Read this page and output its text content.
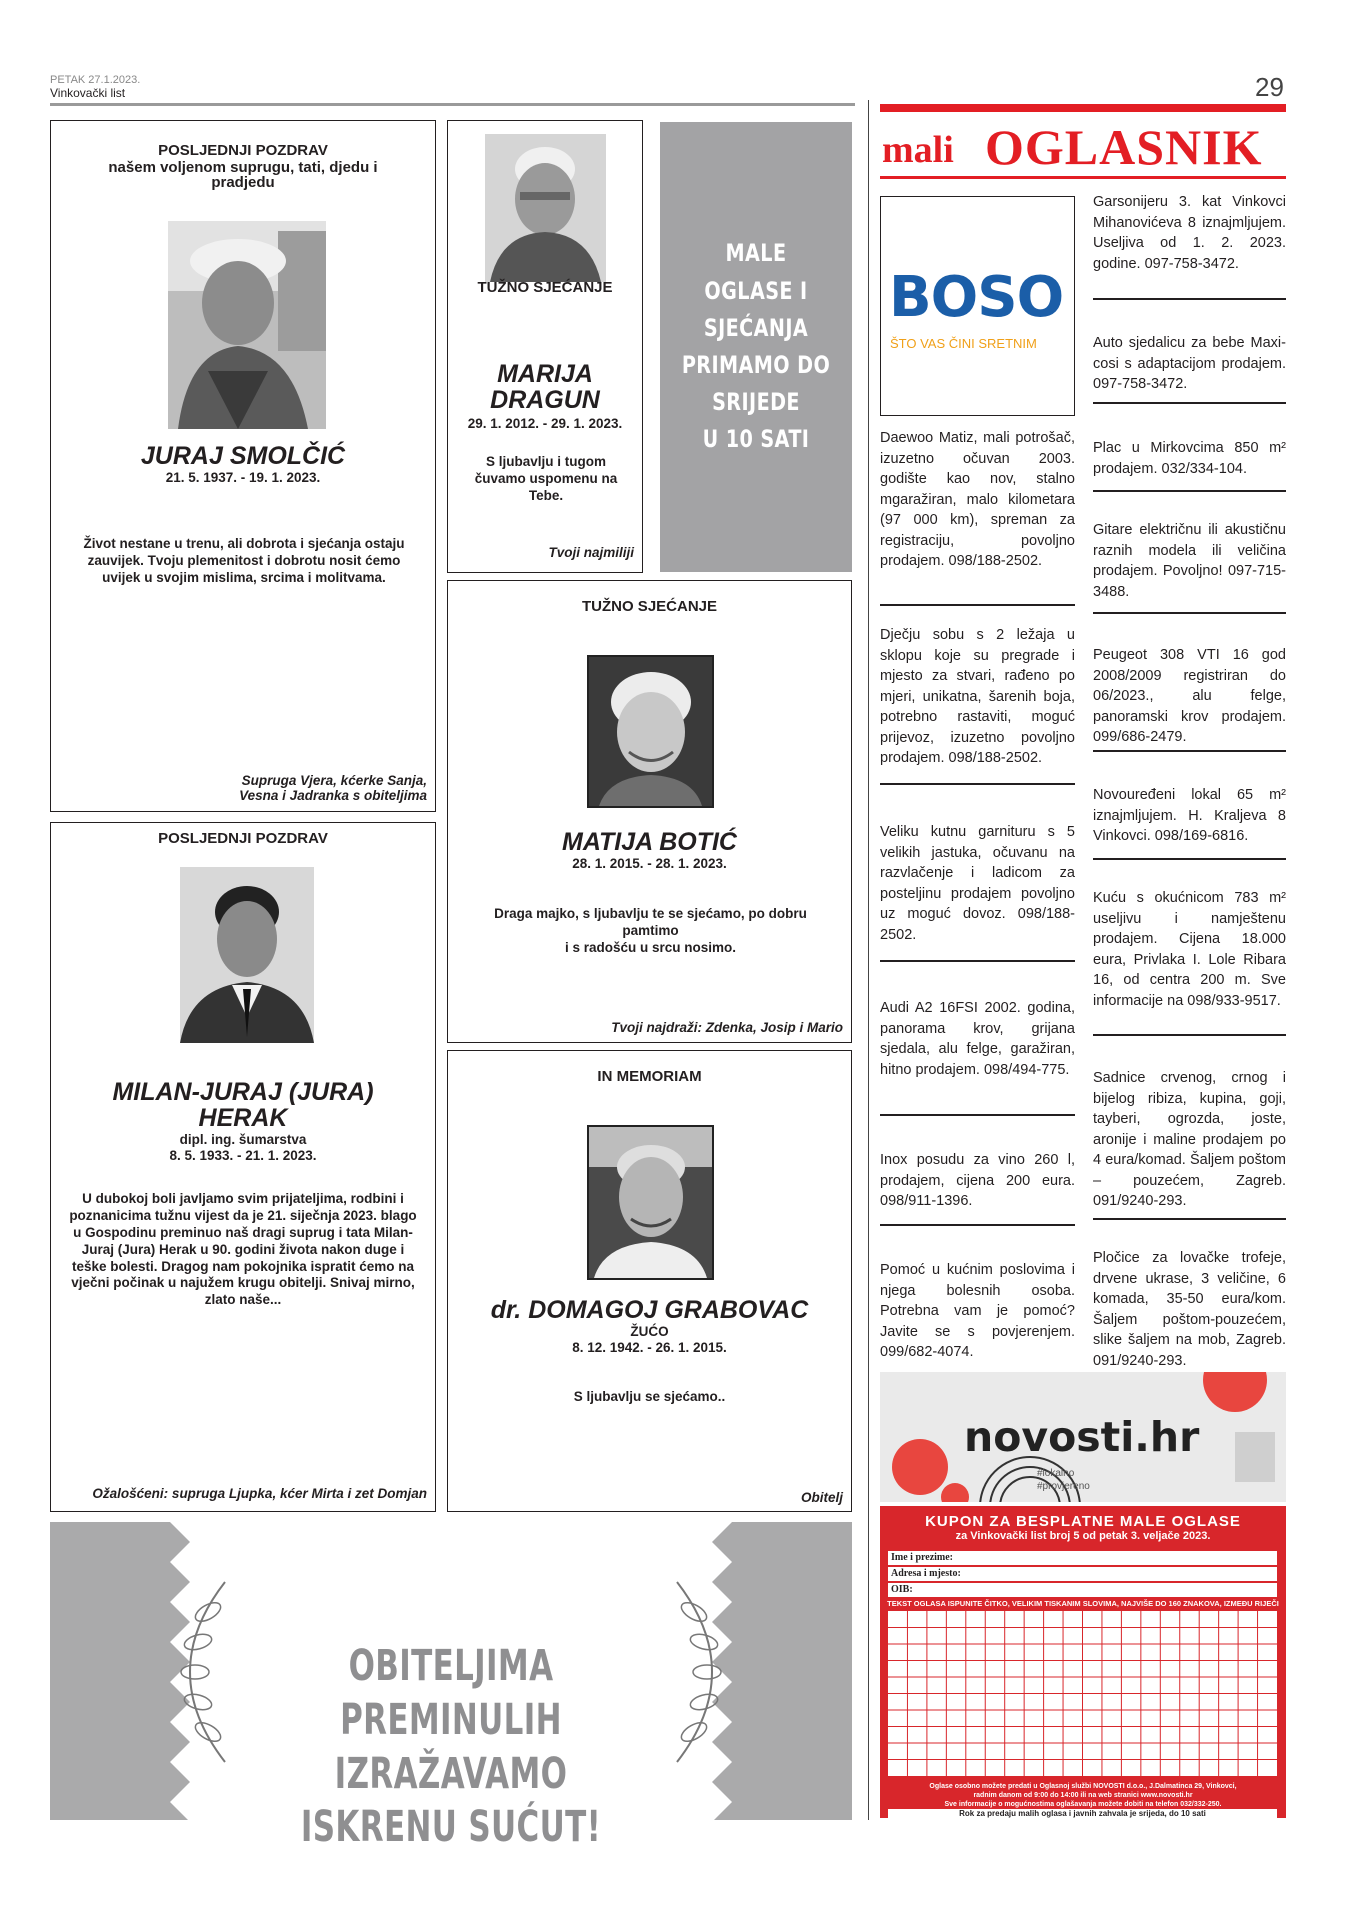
PETAK 27.1.2023.
Vinkovački list	29
POSLJEDNJI POZDRAV
našem voljenom suprugu, tati, djedu i pradjedu
JURAJ SMOLČIĆ
21. 5. 1937. - 19. 1. 2023.
Život nestane u trenu, ali dobrota i sjećanja ostaju zauvijek. Tvoju plemenitost i dobrotu nosit ćemo uvijek u svojim mislima, srcima i molitvama.
Supruga Vjera, kćerke Sanja,
Vesna i Jadranka s obiteljima
TUŽNO SJEĆANJE
MARIJA
DRAGUN
29. 1. 2012. - 29. 1. 2023.
S ljubavlju i tugom čuvamo uspomenu na Tebe.
Tvoji najmiliji
MALE OGLASE I
SJEĆANJA
PRIMAMO DO
SRIJEDE
U 10 SATI
TUŽNO SJEĆANJE
MATIJA BOTIĆ
28. 1. 2015. - 28. 1. 2023.
Draga majko, s ljubavlju te se sjećamo, po dobru pamtimo
i s radošću u srcu nosimo.
Tvoji najdraži: Zdenka, Josip i Mario
POSLJEDNJI POZDRAV
MILAN-JURAJ (JURA)
HERAK
dipl. ing. šumarstva
8. 5. 1933. - 21. 1. 2023.
U dubokoj boli javljamo svim prijateljima, rodbini i poznanicima tužnu vijest da je 21. siječnja 2023. blago u Gospodinu preminuo naš dragi suprug i tata Milan-Juraj (Jura) Herak u 90. godini života nakon duge i teške bolesti. Dragog nam pokojnika ispratit ćemo na vječni počinak u najužem krugu obitelji. Snivaj mirno, zlato naše...
Ožalošćeni: supruga Ljupka, kćer Mirta i zet Domjan
IN MEMORIAM
dr. DOMAGOJ GRABOVAC
ŽUĆO
8. 12. 1942. - 26. 1. 2015.
S ljubavlju se sjećamo..
Obitelj
OBITELJIMA PREMINULIH
IZRAŽAVAMO ISKRENU SUĆUT!
mali OGLASNIK
BOSO
ŠTO VAS ČINI SRETNIM
Daewoo Matiz, mali potrošač, izuzetno očuvan 2003. godište kao nov, stalno mgaražiran, malo kilometara (97 000 km), spreman za registraciju, povoljno prodajem. 098/188-2502.
Dječju sobu s 2 ležaja u sklopu koje su pregrade i mjesto za stvari, rađeno po mjeri, unikatna, šarenih boja, potrebno rastaviti, moguć prijevoz, izuzetno povoljno prodajem. 098/188-2502.
Veliku kutnu garnituru s 5 velikih jastuka, očuvanu na razvlačenje i ladicom za posteljinu prodajem povoljno uz moguć dovoz. 098/188-2502.
Audi A2 16FSI 2002. godina, panorama krov, grijana sjedala, alu felge, garažiran, hitno prodajem. 098/494-775.
Inox posudu za vino 260 l, prodajem, cijena 200 eura. 098/911-1396.
Pomoć u kućnim poslovima i njega bolesnih osoba. Potrebna vam je pomoć? Javite se s povjerenjem. 099/682-4074.
Garsonijeru 3. kat Vinkovci Mihanovićeva 8 iznajmljujem. Useljiva od 1. 2. 2023. godine. 097-758-3472.
Auto sjedalicu za bebe Maxi-cosi s adaptacijom prodajem. 097-758-3472.
Plac u Mirkovcima 850 m² prodajem. 032/334-104.
Gitare električnu ili akustičnu raznih modela ili veličina prodajem. Povoljno! 097-715-3488.
Peugeot 308 VTI 16 god 2008/2009 registriran do 06/2023., alu felge, panoramski krov prodajem. 099/686-2479.
Novouređeni lokal 65 m² iznajmljujem. H. Kraljeva 8 Vinkovci. 098/169-6816.
Kuću s okućnicom 783 m² useljivu i namještenu prodajem. Cijena 18.000 eura, Privlaka I. Lole Ribara 16, od centra 200 m. Sve informacije na 098/933-9517.
Sadnice crvenog, crnog i bijelog ribiza, kupina, goji, tayberi, ogrozda, joste, aronije i maline prodajem po 4 eura/komad. Šaljem poštom – pouzećem, Zagreb. 091/9240-293.
Pločice za lovačke trofeje, drvene ukrase, 3 veličine, 6 komada, 35-50 eura/kom. Šaljem poštom-pouzećem, slike šaljem na mob, Zagreb. 091/9240-293.
novosti.hr
#lokalno
#provjereno
KUPON ZA BESPLATNE MALE OGLASE
za Vinkovački list broj 5 od petak 3. veljače 2023.
Ime i prezime:
Adresa i mjesto:
OIB:
TEKST OGLASA ISPUNITE ČITKO, VELIKIM TISKANIM SLOVIMA, NAJVIŠE DO 160 ZNAKOVA, IZMEĐU RIJEČI
Oglase osobno možete predati u Oglasnoj službi NOVOSTI d.o.o., J.Dalmatinca 29, Vinkovci,
radnim danom od 9:00 do 14:00 ili na web stranici www.novosti.hr
Sve informacije o mogućnostima oglašavanja možete dobiti na telefon 032/332-250.
Rok za predaju malih oglasa i javnih zahvala je srijeda, do 10 sati
